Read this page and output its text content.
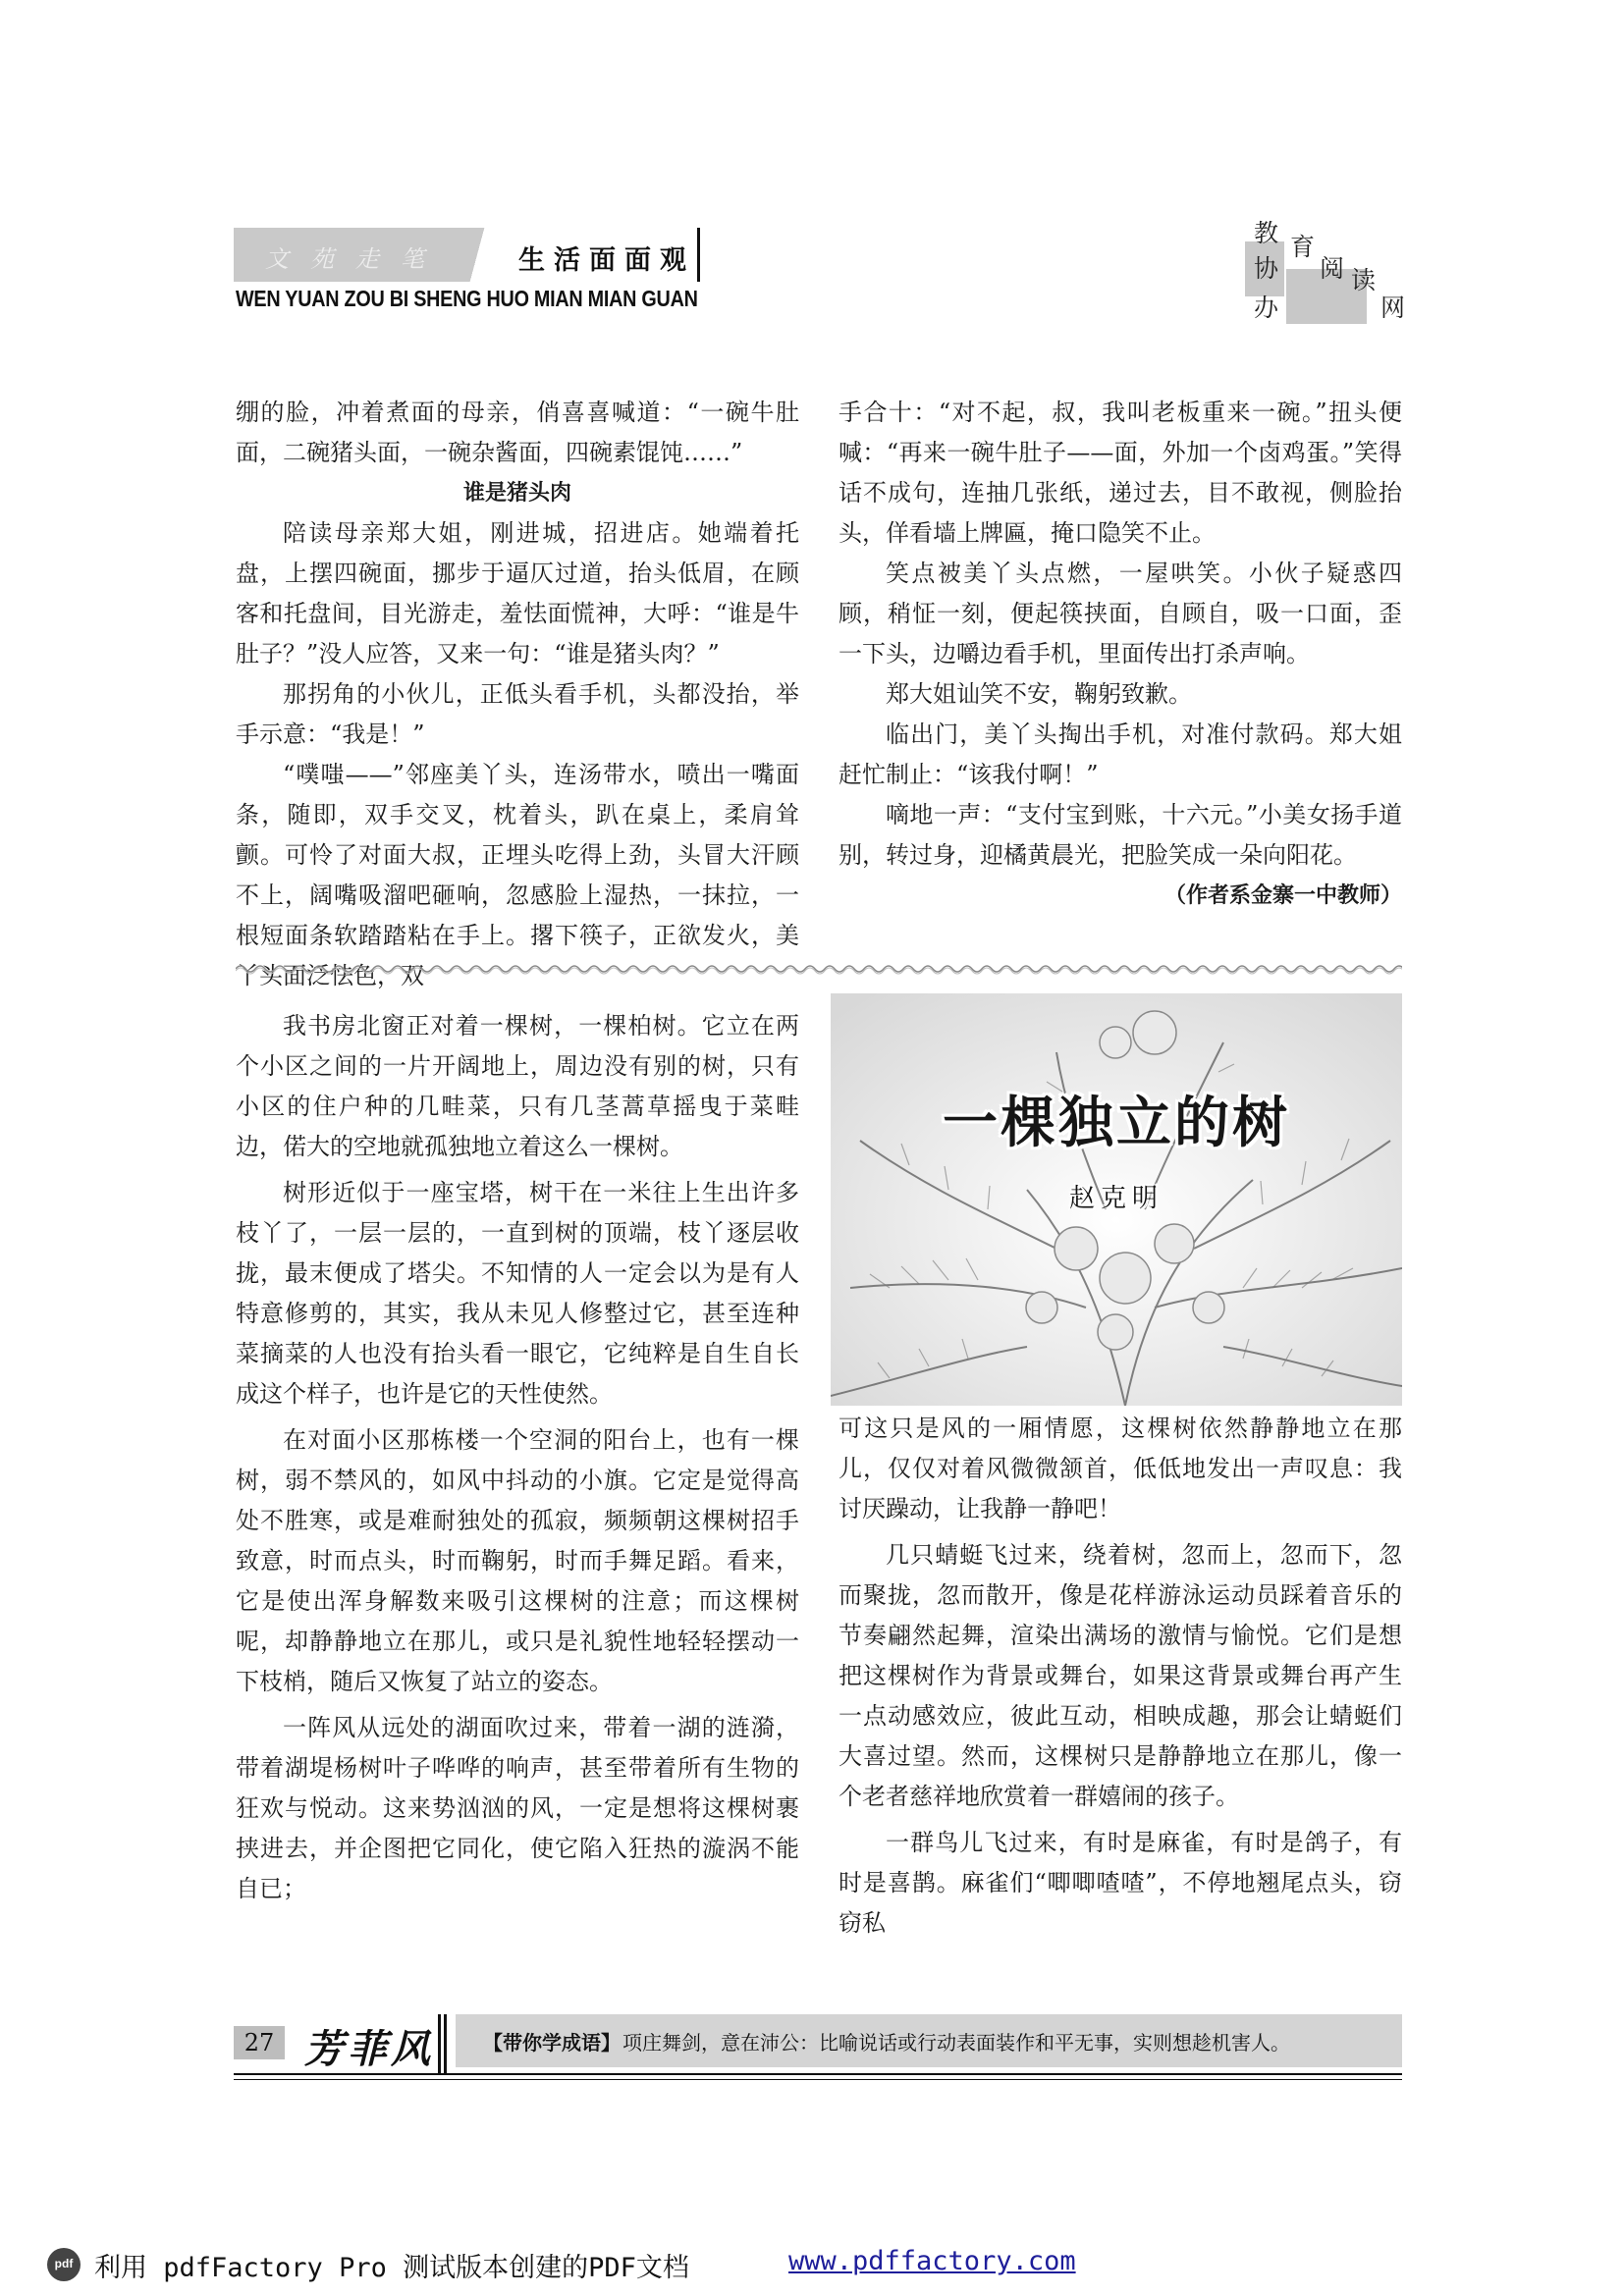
文苑走笔	生活面面观
WEN YUAN ZOU BI SHENG HUO MIAN MIAN GUAN
教 育
协 阅 读
办	网

绷的脸，冲着煮面的母亲，俏喜喜喊道：“一碗牛肚面，二碗猪头面，一碗杂酱面，四碗素馄饨……”

谁是猪头肉

陪读母亲郑大姐，刚进城，招进店。她端着托盘，上摆四碗面，挪步于逼仄过道，抬头低眉，在顾客和托盘间，目光游走，羞怯面慌神，大呼：“谁是牛肚子？”没人应答，又来一句：“谁是猪头肉？”

那拐角的小伙儿，正低头看手机，头都没抬，举手示意：“我是！”

“噗嗤——”邻座美丫头，连汤带水，喷出一嘴面条，随即，双手交叉，枕着头，趴在桌上，柔肩耸颤。可怜了对面大叔，正埋头吃得上劲，头冒大汗顾不上，阔嘴吸溜吧砸响，忽感脸上湿热，一抹拉，一根短面条软踏踏粘在手上。撂下筷子，正欲发火，美丫头面泛怯色，双

手合十：“对不起，叔，我叫老板重来一碗。”扭头便喊：“再来一碗牛肚子——面，外加一个卤鸡蛋。”笑得话不成句，连抽几张纸，递过去，目不敢视，侧脸抬头，佯看墙上牌匾，掩口隐笑不止。

笑点被美丫头点燃，一屋哄笑。小伙子疑惑四顾，稍怔一刻，便起筷挟面，自顾自，吸一口面，歪一下头，边嚼边看手机，里面传出打杀声响。

郑大姐讪笑不安，鞠躬致歉。

临出门，美丫头掏出手机，对准付款码。郑大姐赶忙制止：“该我付啊！”

嘀地一声：“支付宝到账，十六元。”小美女扬手道别，转过身，迎橘黄晨光，把脸笑成一朵向阳花。

（作者系金寨一中教师）

我书房北窗正对着一棵树，一棵柏树。它立在两个小区之间的一片开阔地上，周边没有别的树，只有小区的住户种的几畦菜，只有几茎蒿草摇曳于菜畦边，偌大的空地就孤独地立着这么一棵树。

树形近似于一座宝塔，树干在一米往上生出许多枝丫了，一层一层的，一直到树的顶端，枝丫逐层收拢，最末便成了塔尖。不知情的人一定会以为是有人特意修剪的，其实，我从未见人修整过它，甚至连种菜摘菜的人也没有抬头看一眼它，它纯粹是自生自长成这个样子，也许是它的天性使然。

在对面小区那栋楼一个空洞的阳台上，也有一棵树，弱不禁风的，如风中抖动的小旗。它定是觉得高处不胜寒，或是难耐独处的孤寂，频频朝这棵树招手致意，时而点头，时而鞠躬，时而手舞足蹈。看来，它是使出浑身解数来吸引这棵树的注意；而这棵树呢，却静静地立在那儿，或只是礼貌性地轻轻摆动一下枝梢，随后又恢复了站立的姿态。

一阵风从远处的湖面吹过来，带着一湖的涟漪，带着湖堤杨树叶子哗哗的响声，甚至带着所有生物的狂欢与悦动。这来势汹汹的风，一定是想将这棵树裹挟进去，并企图把它同化，使它陷入狂热的漩涡不能自已；

一棵独立的树
赵克明

可这只是风的一厢情愿，这棵树依然静静地立在那儿，仅仅对着风微微颔首，低低地发出一声叹息：我讨厌躁动，让我静一静吧！

几只蜻蜓飞过来，绕着树，忽而上，忽而下，忽而聚拢，忽而散开，像是花样游泳运动员踩着音乐的节奏翩然起舞，渲染出满场的激情与愉悦。它们是想把这棵树作为背景或舞台，如果这背景或舞台再产生一点动感效应，彼此互动，相映成趣，那会让蜻蜓们大喜过望。然而，这棵树只是静静地立在那儿，像一个老者慈祥地欣赏着一群嬉闹的孩子。

一群鸟儿飞过来，有时是麻雀，有时是鸽子，有时是喜鹊。麻雀们“唧唧喳喳”，不停地翘尾点头，窃窃私

27 芳菲风	【带你学成语】 项庄舞剑，意在沛公：比喻说话或行动表面装作和平无事，实则想趁机害人。
pdf 利用 pdfFactory Pro 测试版本创建的PDF文档	www.pdffactory.com
